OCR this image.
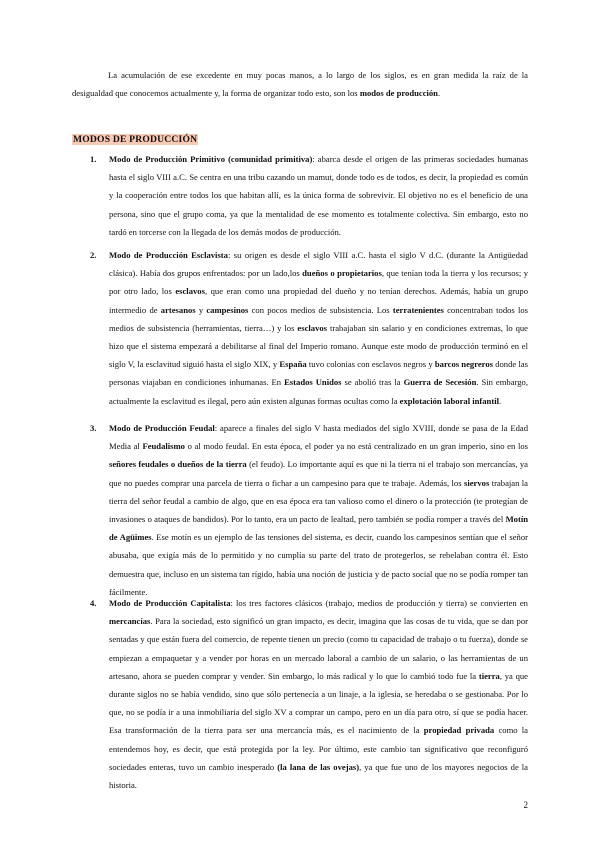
La acumulación de ese excedente en muy pocas manos, a lo largo de los siglos, es en gran medida la raíz de la desigualdad que conocemos actualmente y, la forma de organizar todo esto, son los modos de producción.

MODOS DE PRODUCCIÓN
1. Modo de Producción Primitivo (comunidad primitiva): abarca desde el origen de las primeras sociedades humanas hasta el siglo VIII a.C. Se centra en una tribu cazando un mamut, donde todo es de todos, es decir, la propiedad es común y la cooperación entre todos los que habitan allí, es la única forma de sobrevivir. El objetivo no es el beneficio de una persona, sino que el grupo coma, ya que la mentalidad de ese momento es totalmente colectiva. Sin embargo, esto no tardó en torcerse con la llegada de los demás modos de producción.
2. Modo de Producción Esclavista: su origen es desde el siglo VIII a.C. hasta el siglo V d.C. (durante la Antigüedad clásica). Había dos grupos enfrentados: por un lado,los dueños o propietarios, que tenían toda la tierra y los recursos; y por otro lado, los esclavos, que eran como una propiedad del dueño y no tenían derechos. Además, había un grupo intermedio de artesanos y campesinos con pocos medios de subsistencia. Los terratenientes concentraban todos los medios de subsistencia (herramientas, tierra…) y los esclavos trabajaban sin salario y en condiciones extremas, lo que hizo que el sistema empezará a debilitarse al final del Imperio romano. Aunque este modo de producción terminó en el siglo V, la esclavitud siguió hasta el siglo XIX, y España tuvo colonias con esclavos negros y barcos negreros donde las personas viajaban en condiciones inhumanas. En Estados Unidos se abolió tras la Guerra de Secesión. Sin embargo, actualmente la esclavitud es ilegal, pero aún existen algunas formas ocultas como la explotación laboral infantil.
3. Modo de Producción Feudal: aparece a finales del siglo V hasta mediados del siglo XVIII, donde se pasa de la Edad Media al Feudalismo o al modo feudal. En esta época, el poder ya no está centralizado en un gran imperio, sino en los señores feudales o dueños de la tierra (el feudo). Lo importante aquí es que ni la tierra ni el trabajo son mercancías, ya que no puedes comprar una parcela de tierra o fichar a un campesino para que te trabaje. Además, los siervos trabajan la tierra del señor feudal a cambio de algo, que en esa época era tan valioso como el dinero o la protección (te protegían de invasiones o ataques de bandidos). Por lo tanto, era un pacto de lealtad, pero también se podía romper a través del Motín de Agüimes. Ese motín es un ejemplo de las tensiones del sistema, es decir, cuando los campesinos sentían que el señor abusaba, que exigía más de lo permitido y no cumplía su parte del trato de protegerlos, se rebelaban contra él. Esto demuestra que, incluso en un sistema tan rígido, había una noción de justicia y de pacto social que no se podía romper tan fácilmente.
4. Modo de Producción Capitalista: los tres factores clásicos (trabajo, medios de producción y tierra) se convierten en mercancías. Para la sociedad, esto significó un gran impacto, es decir, imagina que las cosas de tu vida, que se dan por sentadas y que están fuera del comercio, de repente tienen un precio (como tu capacidad de trabajo o tu fuerza), donde se empiezan a empaquetar y a vender por horas en un mercado laboral a cambio de un salario, o las herramientas de un artesano, ahora se pueden comprar y vender. Sin embargo, lo más radical y lo que lo cambió todo fue la tierra, ya que durante siglos no se había vendido, sino que sólo pertenecía a un linaje, a la iglesia, se heredaba o se gestionaba. Por lo que, no se podía ir a una inmobiliaria del siglo XV a comprar un campo, pero en un día para otro, sí que se podía hacer. Esa transformación de la tierra para ser una mercancía más, es el nacimiento de la propiedad privada como la entendemos hoy, es decir, que está protegida por la ley. Por último, este cambio tan significativo que reconfiguró sociedades enteras, tuvo un cambio inesperado (la lana de las ovejas), ya que fue uno de los mayores negocios de la historia.
2
